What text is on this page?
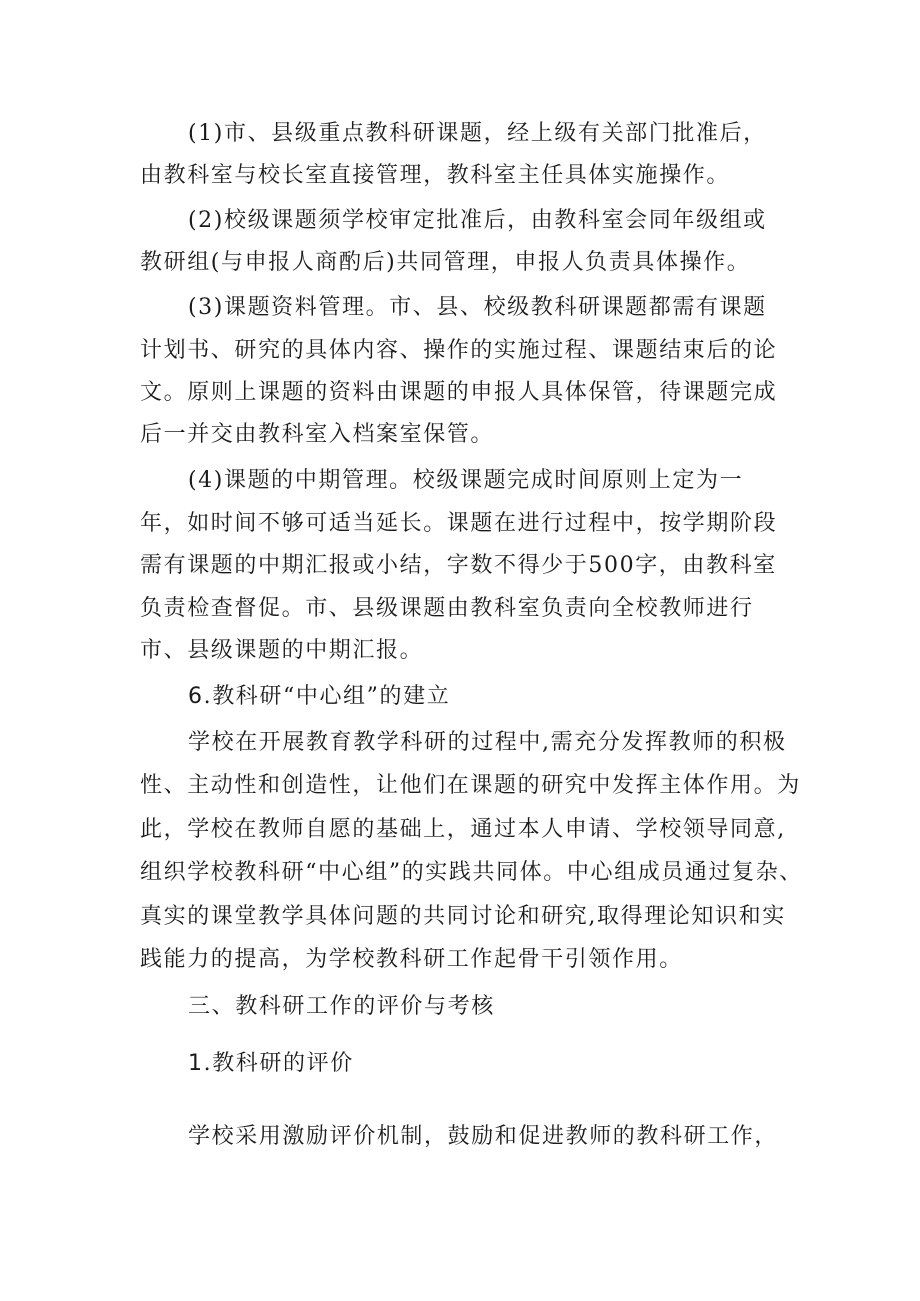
(1)市、县级重点教科研课题，经上级有关部门批准后，
由教科室与校长室直接管理，教科室主任具体实施操作。
(2)校级课题须学校审定批准后，由教科室会同年级组或
教研组(与申报人商酌后)共同管理，申报人负责具体操作。
(3)课题资料管理。市、县、校级教科研课题都需有课题
计划书、研究的具体内容、操作的实施过程、课题结束后的论
文。原则上课题的资料由课题的申报人具体保管，待课题完成
后一并交由教科室入档案室保管。
(4)课题的中期管理。校级课题完成时间原则上定为一
年，如时间不够可适当延长。课题在进行过程中，按学期阶段
需有课题的中期汇报或小结，字数不得少于500字，由教科室
负责检查督促。市、县级课题由教科室负责向全校教师进行
市、县级课题的中期汇报。
6.教科研“中心组”的建立
学校在开展教育教学科研的过程中,需充分发挥教师的积极
性、主动性和创造性，让他们在课题的研究中发挥主体作用。为
此，学校在教师自愿的基础上，通过本人申请、学校领导同意,
组织学校教科研“中心组”的实践共同体。中心组成员通过复杂、
真实的课堂教学具体问题的共同讨论和研究,取得理论知识和实
践能力的提高，为学校教科研工作起骨干引领作用。
三、教科研工作的评价与考核
1.教科研的评价
学校采用激励评价机制，鼓励和促进教师的教科研工作，
